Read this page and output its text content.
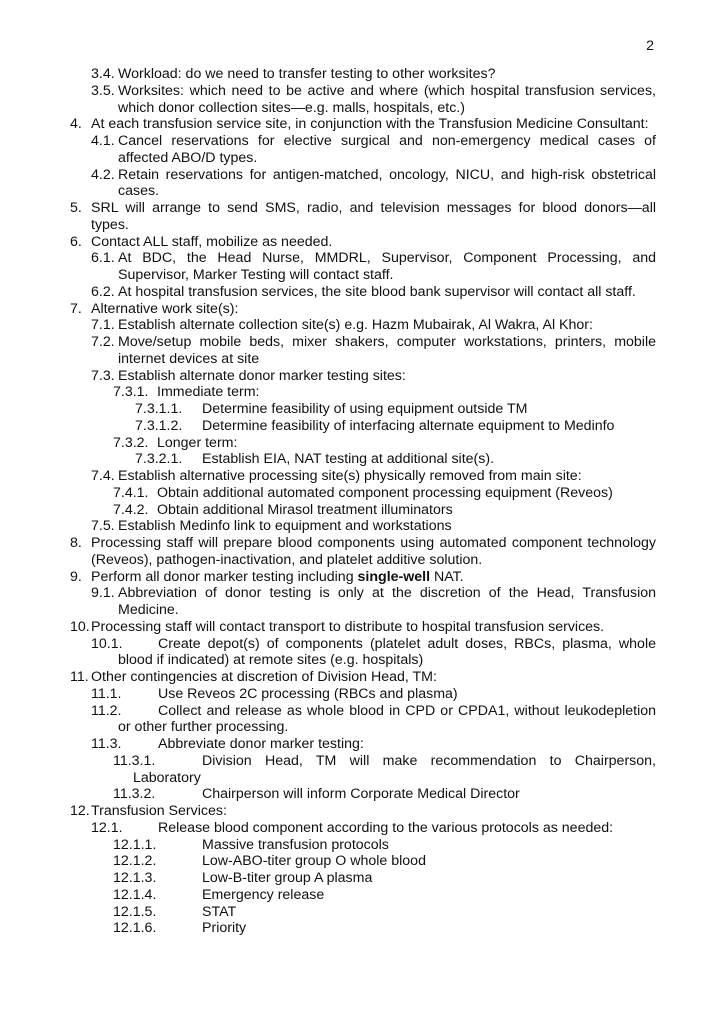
2
3.4. Workload: do we need to transfer testing to other worksites?
3.5. Worksites: which need to be active and where (which hospital transfusion services,
which donor collection sites—e.g. malls, hospitals, etc.)
4. At each transfusion service site, in conjunction with the Transfusion Medicine Consultant:
4.1. Cancel reservations for elective surgical and non-emergency medical cases of
affected ABO/D types.
4.2. Retain reservations for antigen-matched, oncology, NICU, and high-risk obstetrical
cases.
5. SRL will arrange to send SMS, radio, and television messages for blood donors—all
types.
6. Contact ALL staff, mobilize as needed.
6.1. At BDC, the Head Nurse, MMDRL, Supervisor, Component Processing, and
Supervisor, Marker Testing will contact staff.
6.2. At hospital transfusion services, the site blood bank supervisor will contact all staff.
7. Alternative work site(s):
7.1. Establish alternate collection site(s) e.g. Hazm Mubairak, Al Wakra, Al Khor:
7.2. Move/setup mobile beds, mixer shakers, computer workstations, printers, mobile
internet devices at site
7.3. Establish alternate donor marker testing sites:
7.3.1. Immediate term:
7.3.1.1. Determine feasibility of using equipment outside TM
7.3.1.2. Determine feasibility of interfacing alternate equipment to Medinfo
7.3.2. Longer term:
7.3.2.1. Establish EIA, NAT testing at additional site(s).
7.4. Establish alternative processing site(s) physically removed from main site:
7.4.1. Obtain additional automated component processing equipment (Reveos)
7.4.2. Obtain additional Mirasol treatment illuminators
7.5. Establish Medinfo link to equipment and workstations
8. Processing staff will prepare blood components using automated component technology
(Reveos), pathogen-inactivation, and platelet additive solution.
9. Perform all donor marker testing including single-well NAT.
9.1. Abbreviation of donor testing is only at the discretion of the Head, Transfusion
Medicine.
10. Processing staff will contact transport to distribute to hospital transfusion services.
10.1. Create depot(s) of components (platelet adult doses, RBCs, plasma, whole
blood if indicated) at remote sites (e.g. hospitals)
11. Other contingencies at discretion of Division Head, TM:
11.1.	Use Reveos 2C processing (RBCs and plasma)
11.2.	Collect and release as whole blood in CPD or CPDA1, without leukodepletion
or other further processing.
11.3.	Abbreviate donor marker testing:
11.3.1.	Division Head, TM will make recommendation to Chairperson,
Laboratory
11.3.2.	Chairperson will inform Corporate Medical Director
12. Transfusion Services:
12.1. Release blood component according to the various protocols as needed:
12.1.1.	Massive transfusion protocols
12.1.2.	Low-ABO-titer group O whole blood
12.1.3.	Low-B-titer group A plasma
12.1.4.	Emergency release
12.1.5.	STAT
12.1.6.	Priority
